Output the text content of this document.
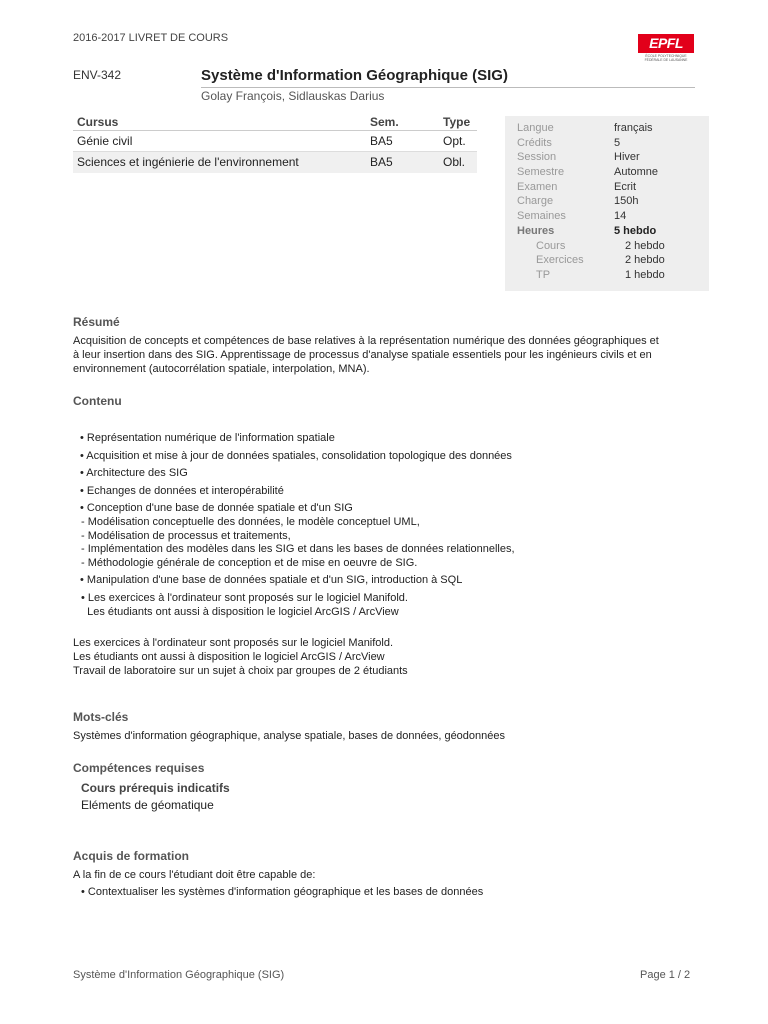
2016-2017 LIVRET DE COURS	EPFL
ÉCOLE POLYTECHNIQUE FÉDÉRALE DE LAUSANNE
ENV-342	Système d'Information Géographique (SIG)
Golay François, Sidlauskas Darius
Cursus	Sem.	Type
Génie civil	BA5	Opt.
Sciences et ingénierie de l'environnement	BA5	Obl.
Langue	français
Crédits	5
Session	Hiver
Semestre	Automne
Examen	Ecrit
Charge	150h
Semaines	14
Heures	5 hebdo
Cours	2 hebdo
Exercices	2 hebdo
TP	1 hebdo
Résumé
Acquisition de concepts et compétences de base relatives à la représentation numérique des données géographiques et
à leur insertion dans des SIG. Apprentissage de processus d'analyse spatiale essentiels pour les ingénieurs civils et en
environnement (autocorrélation spatiale, interpolation, MNA).
Contenu
• Représentation numérique de l'information spatiale
• Acquisition et mise à jour de données spatiales, consolidation topologique des données
• Architecture des SIG
• Echanges de données et interopérabilité
• Conception d'une base de donnée spatiale et d'un SIG
- Modélisation conceptuelle des données, le modèle conceptuel UML,
- Modélisation de processus et traitements,
- Implémentation des modèles dans les SIG et dans les bases de données relationnelles,
- Méthodologie générale de conception et de mise en oeuvre de SIG.
• Manipulation d'une base de données spatiale et d'un SIG, introduction à SQL
• Les exercices à l'ordinateur sont proposés sur le logiciel Manifold.
Les étudiants ont aussi à disposition le logiciel ArcGIS / ArcView
Les exercices à l'ordinateur sont proposés sur le logiciel Manifold.
Les étudiants ont aussi à disposition le logiciel ArcGIS / ArcView
Travail de laboratoire sur un sujet à choix par groupes de 2 étudiants
Mots-clés
Systèmes d'information géographique, analyse spatiale, bases de données, géodonnées
Compétences requises
Cours prérequis indicatifs
Eléments de géomatique
Acquis de formation
A la fin de ce cours l'étudiant doit être capable de:
• Contextualiser les systèmes d'information géographique et les bases de données
Système d'Information Géographique (SIG)	Page 1 / 2
